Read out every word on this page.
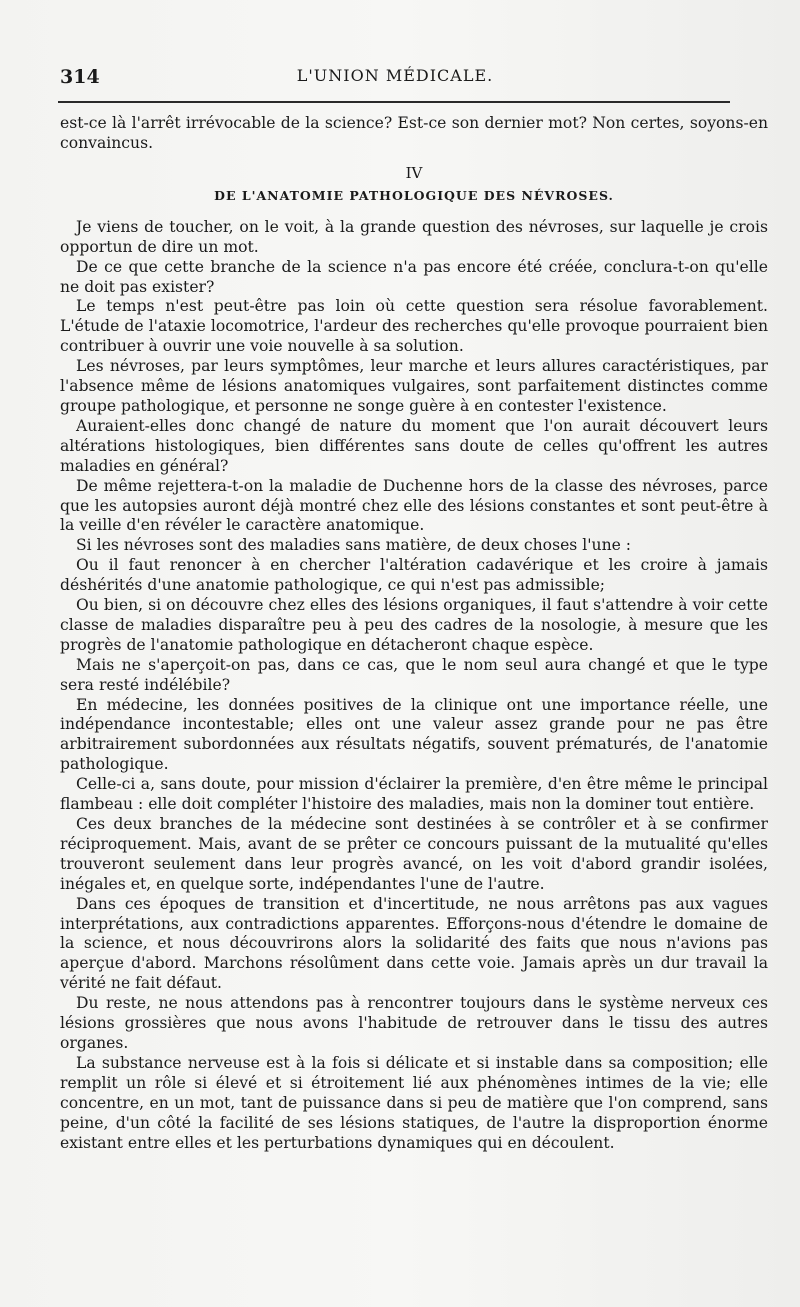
314	L'UNION MÉDICALE.

est-ce là l'arrêt irrévocable de la science? Est-ce son dernier mot? Non certes, soyons-en convaincus.

IV
DE L'ANATOMIE PATHOLOGIQUE DES NÉVROSES.

Je viens de toucher, on le voit, à la grande question des névroses, sur laquelle je crois opportun de dire un mot.

De ce que cette branche de la science n'a pas encore été créée, conclura-t-on qu'elle ne doit pas exister?

Le temps n'est peut-être pas loin où cette question sera résolue favorablement. L'étude de l'ataxie locomotrice, l'ardeur des recherches qu'elle provoque pourraient bien contribuer à ouvrir une voie nouvelle à sa solution.

Les névroses, par leurs symptômes, leur marche et leurs allures caractéristiques, par l'absence même de lésions anatomiques vulgaires, sont parfaitement distinctes comme groupe pathologique, et personne ne songe guère à en contester l'existence.

Auraient-elles donc changé de nature du moment que l'on aurait découvert leurs altérations histologiques, bien différentes sans doute de celles qu'offrent les autres maladies en général?

De même rejettera-t-on la maladie de Duchenne hors de la classe des névroses, parce que les autopsies auront déjà montré chez elle des lésions constantes et sont peut-être à la veille d'en révéler le caractère anatomique.

Si les névroses sont des maladies sans matière, de deux choses l'une :

Ou il faut renoncer à en chercher l'altération cadavérique et les croire à jamais déshérités d'une anatomie pathologique, ce qui n'est pas admissible;

Ou bien, si on découvre chez elles des lésions organiques, il faut s'attendre à voir cette classe de maladies disparaître peu à peu des cadres de la nosologie, à mesure que les progrès de l'anatomie pathologique en détacheront chaque espèce.

Mais ne s'aperçoit-on pas, dans ce cas, que le nom seul aura changé et que le type sera resté indélébile?

En médecine, les données positives de la clinique ont une importance réelle, une indépendance incontestable; elles ont une valeur assez grande pour ne pas être arbitrairement subordonnées aux résultats négatifs, souvent prématurés, de l'anatomie pathologique.

Celle-ci a, sans doute, pour mission d'éclairer la première, d'en être même le principal flambeau : elle doit compléter l'histoire des maladies, mais non la dominer tout entière.

Ces deux branches de la médecine sont destinées à se contrôler et à se confirmer réciproquement. Mais, avant de se prêter ce concours puissant de la mutualité qu'elles trouveront seulement dans leur progrès avancé, on les voit d'abord grandir isolées, inégales et, en quelque sorte, indépendantes l'une de l'autre.

Dans ces époques de transition et d'incertitude, ne nous arrêtons pas aux vagues interprétations, aux contradictions apparentes. Efforçons-nous d'étendre le domaine de la science, et nous découvrirons alors la solidarité des faits que nous n'avions pas aperçue d'abord. Marchons résolûment dans cette voie. Jamais après un dur travail la vérité ne fait défaut.

Du reste, ne nous attendons pas à rencontrer toujours dans le système nerveux ces lésions grossières que nous avons l'habitude de retrouver dans le tissu des autres organes.

La substance nerveuse est à la fois si délicate et si instable dans sa composition; elle remplit un rôle si élevé et si étroitement lié aux phénomènes intimes de la vie; elle concentre, en un mot, tant de puissance dans si peu de matière que l'on comprend, sans peine, d'un côté la facilité de ses lésions statiques, de l'autre la disproportion énorme existant entre elles et les perturbations dynamiques qui en découlent.
